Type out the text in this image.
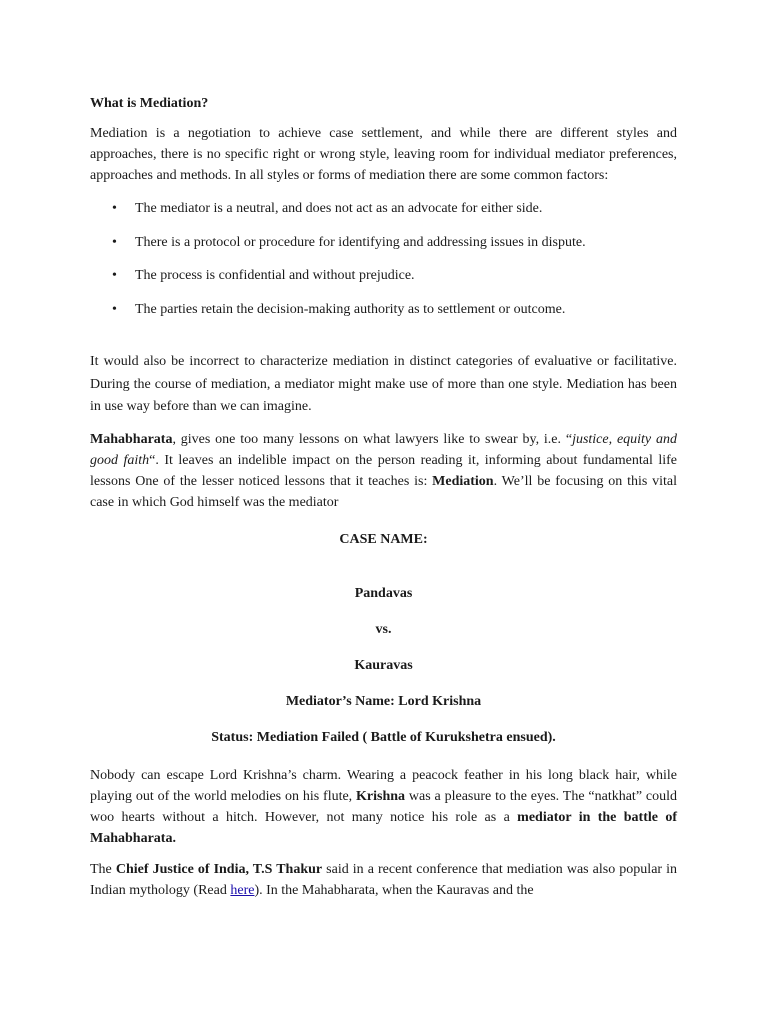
What is Mediation?

Mediation is a negotiation to achieve case settlement, and while there are different styles and approaches, there is no specific right or wrong style, leaving room for individual mediator preferences, approaches and methods. In all styles or forms of mediation there are some common factors:

• The mediator is a neutral, and does not act as an advocate for either side.
• There is a protocol or procedure for identifying and addressing issues in dispute.
• The process is confidential and without prejudice.
• The parties retain the decision-making authority as to settlement or outcome.

It would also be incorrect to characterize mediation in distinct categories of evaluative or facilitative. During the course of mediation, a mediator might make use of more than one style. Mediation has been in use way before than we can imagine.

Mahabharata, gives one too many lessons on what lawyers like to swear by, i.e. “justice, equity and good faith“. It leaves an indelible impact on the person reading it, informing about fundamental life lessons One of the lesser noticed lessons that it teaches is: Mediation. We’ll be focusing on this vital case in which God himself was the mediator

CASE NAME:
Pandavas
vs.
Kauravas
Mediator’s Name: Lord Krishna
Status: Mediation Failed ( Battle of Kurukshetra ensued).

Nobody can escape Lord Krishna’s charm. Wearing a peacock feather in his long black hair, while playing out of the world melodies on his flute, Krishna was a pleasure to the eyes. The “natkhat” could woo hearts without a hitch. However, not many notice his role as a mediator in the battle of Mahabharata.

The Chief Justice of India, T.S Thakur said in a recent conference that mediation was also popular in Indian mythology (Read here). In the Mahabharata, when the Kauravas and the
